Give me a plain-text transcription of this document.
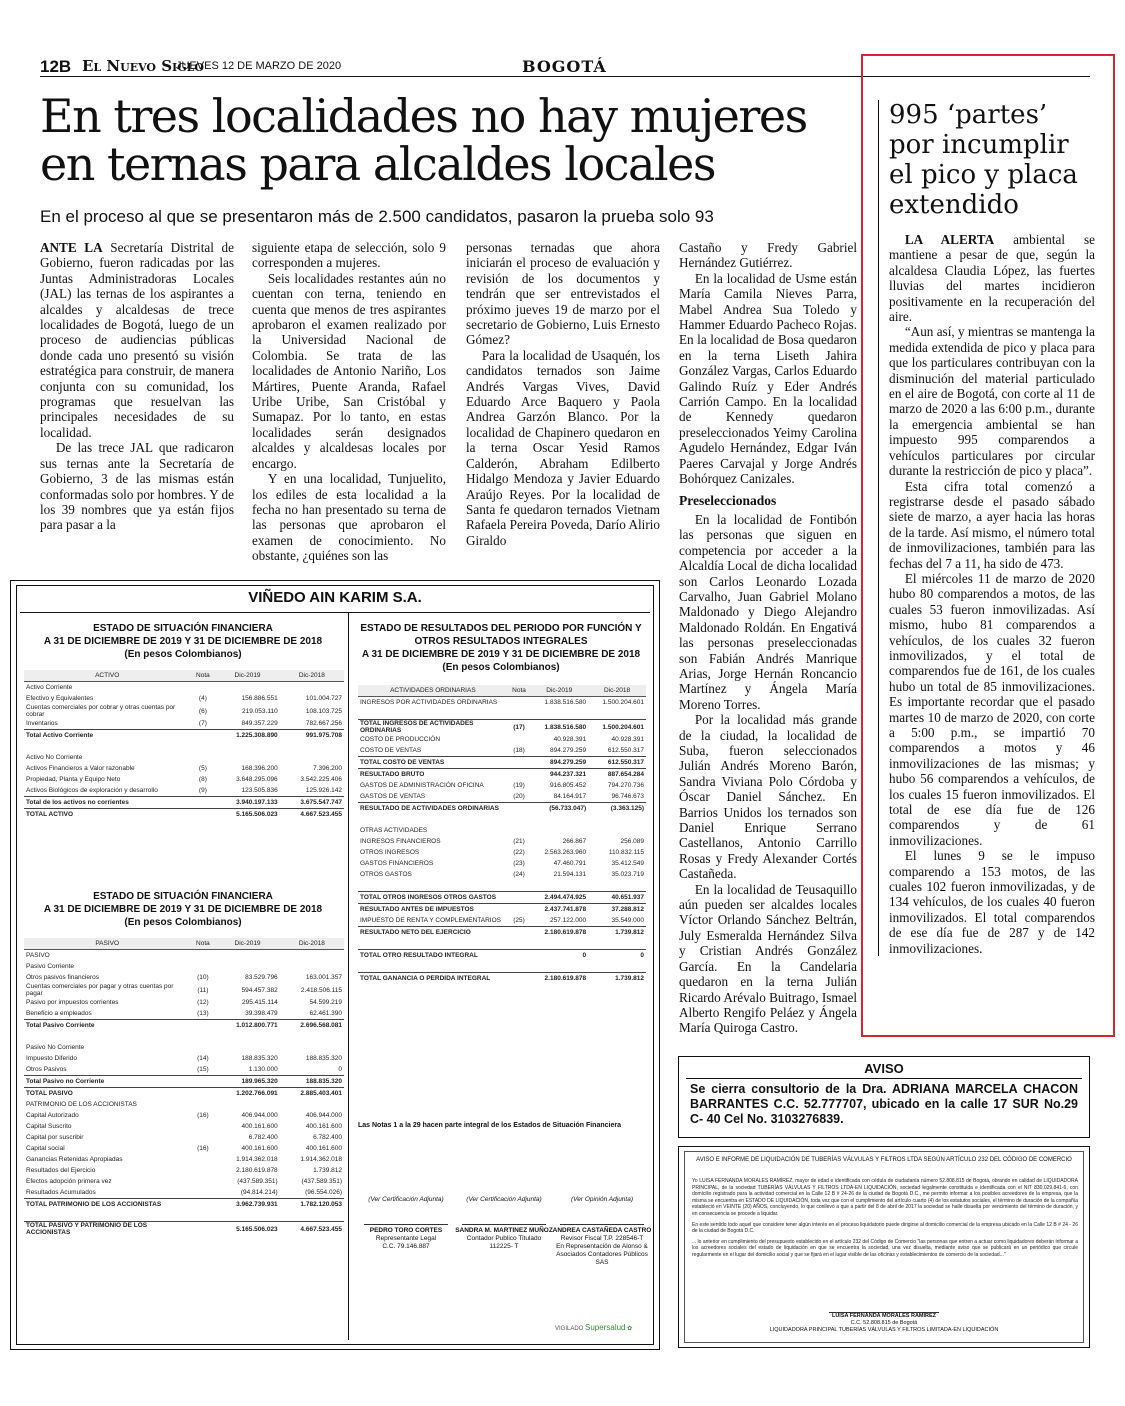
12B El Nuevo Siglo
JUEVES 12 DE MARZO DE 2020	BOGOTÁ
En tres localidades no hay mujeres
en ternas para alcaldes locales
En el proceso al que se presentaron más de 2.500 candidatos, pasaron la prueba solo 93

ANTE LA Secretaría Distrital de Gobierno, fueron radicadas por las Juntas Administradoras Locales (JAL) las ternas de los aspirantes a alcaldes y alcaldesas de trece localidades de Bogotá, luego de un proceso de audiencias públicas donde cada uno presentó su visión estratégica para construir, de manera conjunta con su comunidad, los programas que resuelvan las principales necesidades de su localidad.

De las trece JAL que radicaron sus ternas ante la Secretaría de Gobierno, 3 de las mismas están conformadas solo por hombres. Y de los 39 nombres que ya están fijos para pasar a la

siguiente etapa de selección, solo 9 corresponden a mujeres.

Seis localidades restantes aún no cuentan con terna, teniendo en cuenta que menos de tres aspirantes aprobaron el examen realizado por la Universidad Nacional de Colombia. Se trata de las localidades de Antonio Nariño, Los Mártires, Puente Aranda, Rafael Uribe Uribe, San Cristóbal y Sumapaz. Por lo tanto, en estas localidades serán designados alcaldes y alcaldesas locales por encargo.

Y en una localidad, Tunjuelito, los ediles de esta localidad a la fecha no han presentado su terna de las personas que aprobaron el examen de conocimiento. No obstante, ¿quiénes son las

personas ternadas que ahora iniciarán el proceso de evaluación y revisión de los documentos y tendrán que ser entrevistados el próximo jueves 19 de marzo por el secretario de Gobierno, Luis Ernesto Gómez?

Para la localidad de Usaquén, los candidatos ternados son Jaime Andrés Vargas Vives, David Eduardo Arce Baquero y Paola Andrea Garzón Blanco. Por la localidad de Chapinero quedaron en la terna Oscar Yesid Ramos Calderón, Abraham Edilberto Hidalgo Mendoza y Javier Eduardo Araújo Reyes. Por la localidad de Santa fe quedaron ternados Vietnam Rafaela Pereira Poveda, Darío Alirio Giraldo

Castaño y Fredy Gabriel Hernández Gutiérrez.

En la localidad de Usme están María Camila Nieves Parra, Mabel Andrea Sua Toledo y Hammer Eduardo Pacheco Rojas. En la localidad de Bosa quedaron en la terna Liseth Jahira González Vargas, Carlos Eduardo Galindo Ruíz y Eder Andrés Carrión Campo. En la localidad de Kennedy quedaron preseleccionados Yeimy Carolina Agudelo Hernández, Edgar Iván Paeres Carvajal y Jorge Andrés Bohórquez Canizales.

Preseleccionados

En la localidad de Fontibón las personas que siguen en competencia por acceder a la Alcaldía Local de dicha localidad son Carlos Leonardo Lozada Carvalho, Juan Gabriel Molano Maldonado y Diego Alejandro Maldonado Roldán. En Engativá las personas preseleccionadas son Fabián Andrés Manrique Arias, Jorge Hernán Roncancio Martínez y Ángela María Moreno Torres.

Por la localidad más grande de la ciudad, la localidad de Suba, fueron seleccionados Julián Andrés Moreno Barón, Sandra Viviana Polo Córdoba y Óscar Daniel Sánchez. En Barrios Unidos los ternados son Daniel Enrique Serrano Castellanos, Antonio Carrillo Rosas y Fredy Alexander Cortés Castañeda.

En la localidad de Teusaquillo aún pueden ser alcaldes locales Víctor Orlando Sánchez Beltrán, July Esmeralda Hernández Silva y Cristian Andrés González García. En la Candelaria quedaron en la terna Julián Ricardo Arévalo Buitrago, Ismael Alberto Rengifo Peláez y Ángela María Quiroga Castro.

995 ‘partes’ por incumplir el pico y placa extendido

LA ALERTA ambiental se mantiene a pesar de que, según la alcaldesa Claudia López, las fuertes lluvias del martes incidieron positivamente en la recuperación del aire.

“Aun así, y mientras se mantenga la medida extendida de pico y placa para que los particulares contribuyan con la disminución del material particulado en el aire de Bogotá, con corte al 11 de marzo de 2020 a las 6:00 p.m., durante la emergencia ambiental se han impuesto 995 comparendos a vehículos particulares por circular durante la restricción de pico y placa”.

Esta cifra total comenzó a registrarse desde el pasado sábado siete de marzo, a ayer hacia las horas de la tarde. Así mismo, el número total de inmovilizaciones, también para las fechas del 7 a 11, ha sido de 473.

El miércoles 11 de marzo de 2020 hubo 80 comparendos a motos, de las cuales 53 fueron inmovilizadas. Así mismo, hubo 81 comparendos a vehículos, de los cuales 32 fueron inmovilizados, y el total de comparendos fue de 161, de los cuales hubo un total de 85 inmovilizaciones. Es importante recordar que el pasado martes 10 de marzo de 2020, con corte a 5:00 p.m., se impartió 70 comparendos a motos y 46 inmovilizaciones de las mismas; y hubo 56 comparendos a vehículos, de los cuales 15 fueron inmovilizados. El total de ese día fue de 126 comparendos y de 61 inmovilizaciones.

El lunes 9 se le impuso comparendo a 153 motos, de las cuales 102 fueron inmovilizadas, y de 134 vehículos, de los cuales 40 fueron inmovilizados. El total comparendos de ese día fue de 287 y de 142 inmovilizaciones.

VIÑEDO AIN KARIM S.A.
ESTADO DE SITUACIÓN FINANCIERA
A 31 DE DICIEMBRE DE 2019 Y 31 DE DICIEMBRE DE 2018
(En pesos Colombianos)
ACTIVO	Nota	Dic-2019	Dic-2018
Activo Corriente			
Efectivo y Equivalentes	(4)	156.886.551	101.004.727
Cuentas comerciales por cobrar y otras cuentas por cobrar	(6)	219.053.110	108.103.725
Inventarios	(7)	849.357.229	782.667.256
Total Activo Corriente		1.225.308.890	991.975.708

Activo No Corriente			
Activos Financieros a Valor razonable	(5)	168.396.200	7.396.200
Propiedad, Planta y Equipo Neto	(8)	3.648.295.096	3.542.225.406
Activos Biológicos de exploración y desarrollo	(9)	123.505.836	125.926.142
Total de los activos no corrientes		3.940.197.133	3.675.547.747
TOTAL ACTIVO		5.165.506.023	4.667.523.455
ESTADO DE SITUACIÓN FINANCIERA
A 31 DE DICIEMBRE DE 2019 Y 31 DE DICIEMBRE DE 2018
(En pesos Colombianos)
PASIVO	Nota	Dic-2019	Dic-2018
PASIVO			
Pasivo Corriente			
Otros pasivos financieros	(10)	83.529.796	163.001.357
Cuentas comerciales por pagar y otras cuentas por pagar	(11)	594.457.382	2.418.506.115
Pasivo por impuestos corrientes	(12)	295.415.114	54.599.219
Beneficio a empleados	(13)	39.398.479	62.461.390
Total Pasivo Corriente		1.012.800.771	2.696.568.081

Pasivo No Corriente			
Impuesto Diferido	(14)	188.835.320	188.835.320
Otros Pasivos	(15)	1.130.000	0
Total Pasivo no Corriente		189.965.320	188.835.320
TOTAL PASIVO		1.202.766.091	2.885.403.401
PATRIMONIO DE LOS ACCIONISTAS			
Capital Autorizado	(16)	406.944.000	406.944.000
Capital Suscrito		400.161.600	400.161.600
Capital por suscribir		6.782.400	6.782.400
Capital social	(16)	400.161.600	400.161.600
Ganancias Retenidas Apropiadas		1.914.362.018	1.914.362.018
Resultados del Ejercicio		2.180.619.878	1.739.812
Efectos adopción primera vez		(437.589.351)	(437.589.351)
Resultados Acumulados		(94.814.214)	(96.554.026)
TOTAL PATRIMONIO DE LOS ACCIONISTAS		3.962.739.931	1.782.120.053

TOTAL PASIVO Y PATRIMONIO DE LOS ACCIONISTAS		5.165.506.023	4.667.523.455
ESTADO DE RESULTADOS DEL PERIODO POR FUNCIÓN Y
OTROS RESULTADOS INTEGRALES
A 31 DE DICIEMBRE DE 2019 Y 31 DE DICIEMBRE DE 2018
(En pesos Colombianos)
ACTIVIDADES ORDINARIAS	Nota	Dic-2019	Dic-2018
INGRESOS POR ACTIVIDADES ORDINARIAS		1.838.516.580	1.500.204.601

TOTAL INGRESOS DE ACTIVIDADES ORDINARIAS	(17)	1.838.516.580	1.500.204.601
COSTO DE PRODUCCIÓN		40.928.391	40.928.391
COSTO DE VENTAS	(18)	894.279.259	612.550.317
TOTAL COSTO DE VENTAS		894.279.259	612.550.317
RESULTADO BRUTO		944.237.321	887.654.284
GASTOS DE ADMINISTRACIÓN OFICINA	(19)	916.805.452	794.270.736
GASTOS DE VENTAS	(20)	84.164.917	96.746.673
RESULTADO DE ACTIVIDADES ORDINARIAS		(56.733.047)	(3.363.125)

OTRAS ACTIVIDADES			
INGRESOS FINANCIEROS	(21)	266.867	256.089
OTROS INGRESOS	(22)	2.563.263.960	110.832.115
GASTOS FINANCIEROS	(23)	47.460.791	35.412.549
OTROS GASTOS	(24)	21.594.131	35.023.719

TOTAL OTROS INGRESOS OTROS GASTOS		2.494.474.925	40.651.937
RESULTADO ANTES DE IMPUESTOS		2.437.741.878	37.288.812
IMPUESTO DE RENTA Y COMPLEMENTARIOS	(25)	257.122.000	35.549.000
RESULTADO NETO DEL EJERCICIO		2.180.619.878	1.739.812

TOTAL OTRO RESULTADO INTEGRAL		0	0

TOTAL GANANCIA O PERDIDA INTEGRAL		2.180.619.878	1.739.812
Las Notas 1 a la 29 hacen parte integral de los Estados de Situación Financiera
(Ver Certificación Adjunta)
PEDRO TORO CORTES
Representante Legal
C.C. 79.146.887
(Ver Certificación Adjunta)
SANDRA M. MARTINEZ MUÑOZ
Contador Publico Titulado
112225- T
(Ver Opinión Adjunta)
ANDREA CASTAÑEDA CASTRO
Revisor Fiscal T.P. 228546-T
En Representación de Alonso & Asociados Contadores Públicos SAS
VIGILADO Supersalud ✿
AVISO
Se cierra consultorio de la Dra. ADRIANA MARCELA CHACON BARRANTES C.C. 52.777707, ubicado en la calle 17 SUR No.29 C- 40 Cel No. 3103276839.
AVISO E INFORME DE LIQUIDACIÓN DE TUBERÍAS VÁLVULAS Y FILTROS LTDA SEGÚN ARTÍCULO 232 DEL CÓDIGO DE COMERCIO

Yo LUISA FERNANDA MORALES RAMÍREZ, mayor de edad e identificada con cédula de ciudadanía número 52.808.815 de Bogotá, obrando en calidad de LIQUIDADORA PRINCIPAL, de la sociedad TUBERÍAS VÁLVULAS Y FILTROS LTDA-EN LIQUIDACIÓN, sociedad legalmente constituida e identificada con el NIT 830.029.841-6, con domicilio registrado para la actividad comercial en la Calle 12 B # 24-26 de la ciudad de Bogotá D.C., me permito informar a los posibles acreedores de la empresa, que la misma se encuentra en ESTADO DE LIQUIDACIÓN, toda vez que con el cumplimiento del artículo cuarto (4) de los estatutos sociales, el término de duración de la compañía estableció en VEINTE (20) AÑOS, concluyendo, lo que conllevó a que a partir del 8 de abril de 2017 la sociedad se halle disuelta por vencimiento del término de duración, y en consecuencia se procede a liquidar.

En este sentido todo aquel que considere tener algún interés en el proceso liquidatorio puede dirigirse al domicilio comercial de la empresa ubicado en la Calle 12 B # 24 - 26 de la ciudad de Bogotá D.C.

... lo anterior en cumplimiento del presupuesto establecido en el artículo 232 del Código de Comercio "las personas que entren a actuar como liquidadores deberán informar a los acreedores sociales del estado de liquidación en que se encuentra la sociedad, una vez disuelta, mediante aviso que se publicará en un periódico que circule regularmente en el lugar del domicilio social y que se fijará en el lugar visible de las oficinas y establecimientos de comercio de la sociedad..."

LUISA FERNANDA MORALES RAMÍREZ
C.C. 52.808.815 de Bogotá
LIQUIDADORA PRINCIPAL TUBERÍAS VÁLVULAS Y FILTROS LIMITADA-EN LIQUIDACIÓN
